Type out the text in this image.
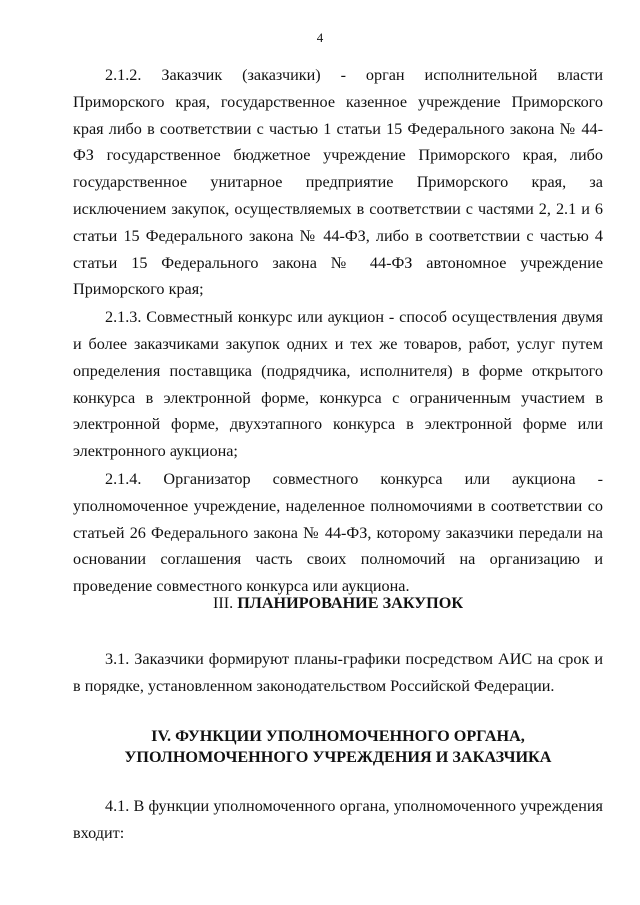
4

2.1.2. Заказчик (заказчики) - орган исполнительной власти Приморского края, государственное казенное учреждение Приморского края либо в соответствии с частью 1 статьи 15 Федерального закона № 44-ФЗ государственное бюджетное учреждение Приморского края, либо государственное унитарное предприятие Приморского края, за исключением закупок, осуществляемых в соответствии с частями 2, 2.1 и 6 статьи 15 Федерального закона № 44-ФЗ, либо в соответствии с частью 4 статьи 15 Федерального закона № 44-ФЗ автономное учреждение Приморского края;

2.1.3. Совместный конкурс или аукцион - способ осуществления двумя и более заказчиками закупок одних и тех же товаров, работ, услуг путем определения поставщика (подрядчика, исполнителя) в форме открытого конкурса в электронной форме, конкурса с ограниченным участием в электронной форме, двухэтапного конкурса в электронной форме или электронного аукциона;

2.1.4. Организатор совместного конкурса или аукциона - уполномоченное учреждение, наделенное полномочиями в соответствии со статьей 26 Федерального закона № 44-ФЗ, которому заказчики передали на основании соглашения часть своих полномочий на организацию и проведение совместного конкурса или аукциона.

III. ПЛАНИРОВАНИЕ ЗАКУПОК

3.1. Заказчики формируют планы-графики посредством АИС на срок и в порядке, установленном законодательством Российской Федерации.

IV. ФУНКЦИИ УПОЛНОМОЧЕННОГО ОРГАНА,
УПОЛНОМОЧЕННОГО УЧРЕЖДЕНИЯ И ЗАКАЗЧИКА

4.1. В функции уполномоченного органа, уполномоченного учреждения входит:
